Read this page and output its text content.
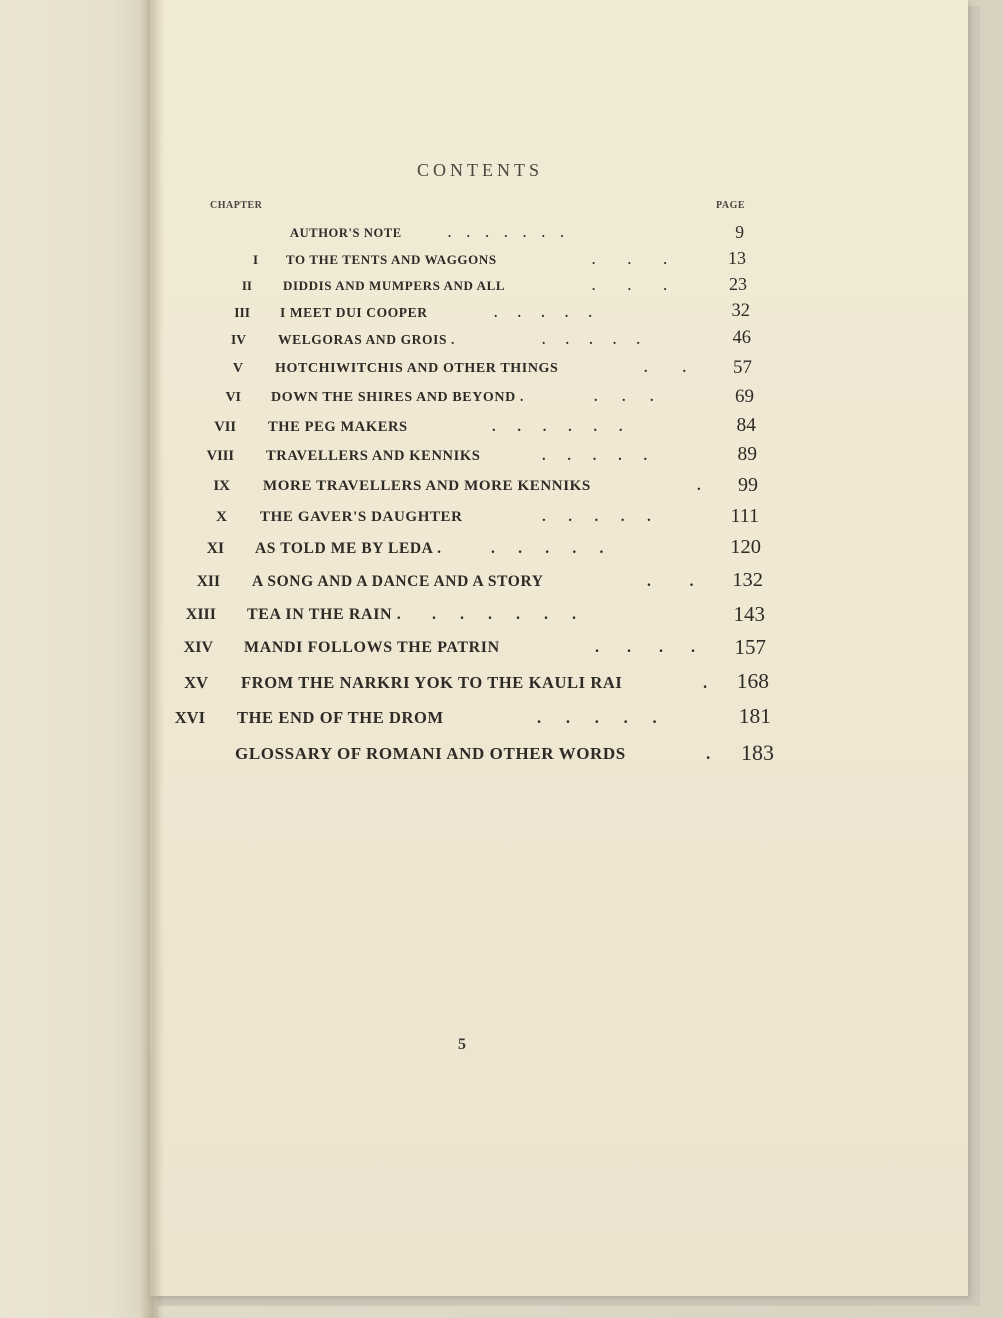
CONTENTS
CHAPTER	PAGE
AUTHOR'S NOTE	.     .     .     .     .     .     .	9
I TO THE TENTS AND WAGGONS	.          .          .	13
II DIDDIS AND MUMPERS AND ALL	.          .          .	23
III I MEET DUI COOPER	.      .      .      .      .	32
IV WELGORAS AND GROIS .	.      .      .      .      .	46
V HOTCHIWITCHIS AND OTHER THINGS	.          .	57
VI DOWN THE SHIRES AND BEYOND .	.       .       .	69
VII THE PEG MAKERS	.      .      .      .      .      .	84
VIII TRAVELLERS AND KENNIKS	.      .      .      .      .	89
IX MORE TRAVELLERS AND MORE KENNIKS	.	99
X THE GAVER'S DAUGHTER	.      .      .      .      .	111
XI AS TOLD ME BY LEDA .	.      .      .      .      .	120
XII A SONG AND A DANCE AND A STORY	.          .	132
XIII TEA IN THE RAIN . .      .      .      .      .      .	143
XIV MANDI FOLLOWS THE PATRIN	.       .       .       .	157
XV FROM THE NARKRI YOK TO THE KAULI RAI	.	168
XVI THE END OF THE DROM	.      .      .      .      .	181
GLOSSARY OF ROMANI AND OTHER WORDS	.	183
5
